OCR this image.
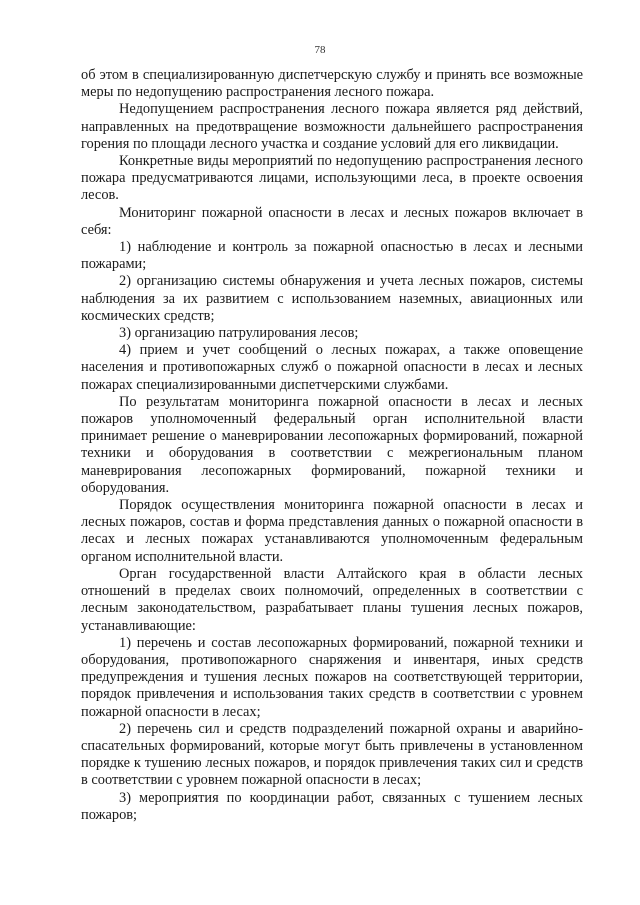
78

об этом в специализированную диспетчерскую службу и принять все возможные меры по недопущению распространения лесного пожара.

Недопущением распространения лесного пожара является ряд действий, направленных на предотвращение возможности дальнейшего распространения горения по площади лесного участка и создание условий для его ликвидации.

Конкретные виды мероприятий по недопущению распространения лесного пожара предусматриваются лицами, использующими леса, в проекте освоения лесов.

Мониторинг пожарной опасности в лесах и лесных пожаров включает в себя:

1) наблюдение и контроль за пожарной опасностью в лесах и лесными пожарами;

2) организацию системы обнаружения и учета лесных пожаров, системы наблюдения за их развитием с использованием наземных, авиационных или космических средств;

3) организацию патрулирования лесов;

4) прием и учет сообщений о лесных пожарах, а также оповещение населения и противопожарных служб о пожарной опасности в лесах и лесных пожарах специализированными диспетчерскими службами.

По результатам мониторинга пожарной опасности в лесах и лесных пожаров уполномоченный федеральный орган исполнительной власти принимает решение о маневрировании лесопожарных формирований, пожарной техники и оборудования в соответствии с межрегиональным планом маневрирования лесопожарных формирований, пожарной техники и оборудования.

Порядок осуществления мониторинга пожарной опасности в лесах и лесных пожаров, состав и форма представления данных о пожарной опасности в лесах и лесных пожарах устанавливаются уполномоченным федеральным органом исполнительной власти.

Орган государственной власти Алтайского края в области лесных отношений в пределах своих полномочий, определенных в соответствии с лесным законодательством, разрабатывает планы тушения лесных пожаров, устанавливающие:

1) перечень и состав лесопожарных формирований, пожарной техники и оборудования, противопожарного снаряжения и инвентаря, иных средств предупреждения и тушения лесных пожаров на соответствующей территории, порядок привлечения и использования таких средств в соответствии с уровнем пожарной опасности в лесах;

2) перечень сил и средств подразделений пожарной охраны и аварийно-спасательных формирований, которые могут быть привлечены в установленном порядке к тушению лесных пожаров, и порядок привлечения таких сил и средств в соответствии с уровнем пожарной опасности в лесах;

3) мероприятия по координации работ, связанных с тушением лесных пожаров;
